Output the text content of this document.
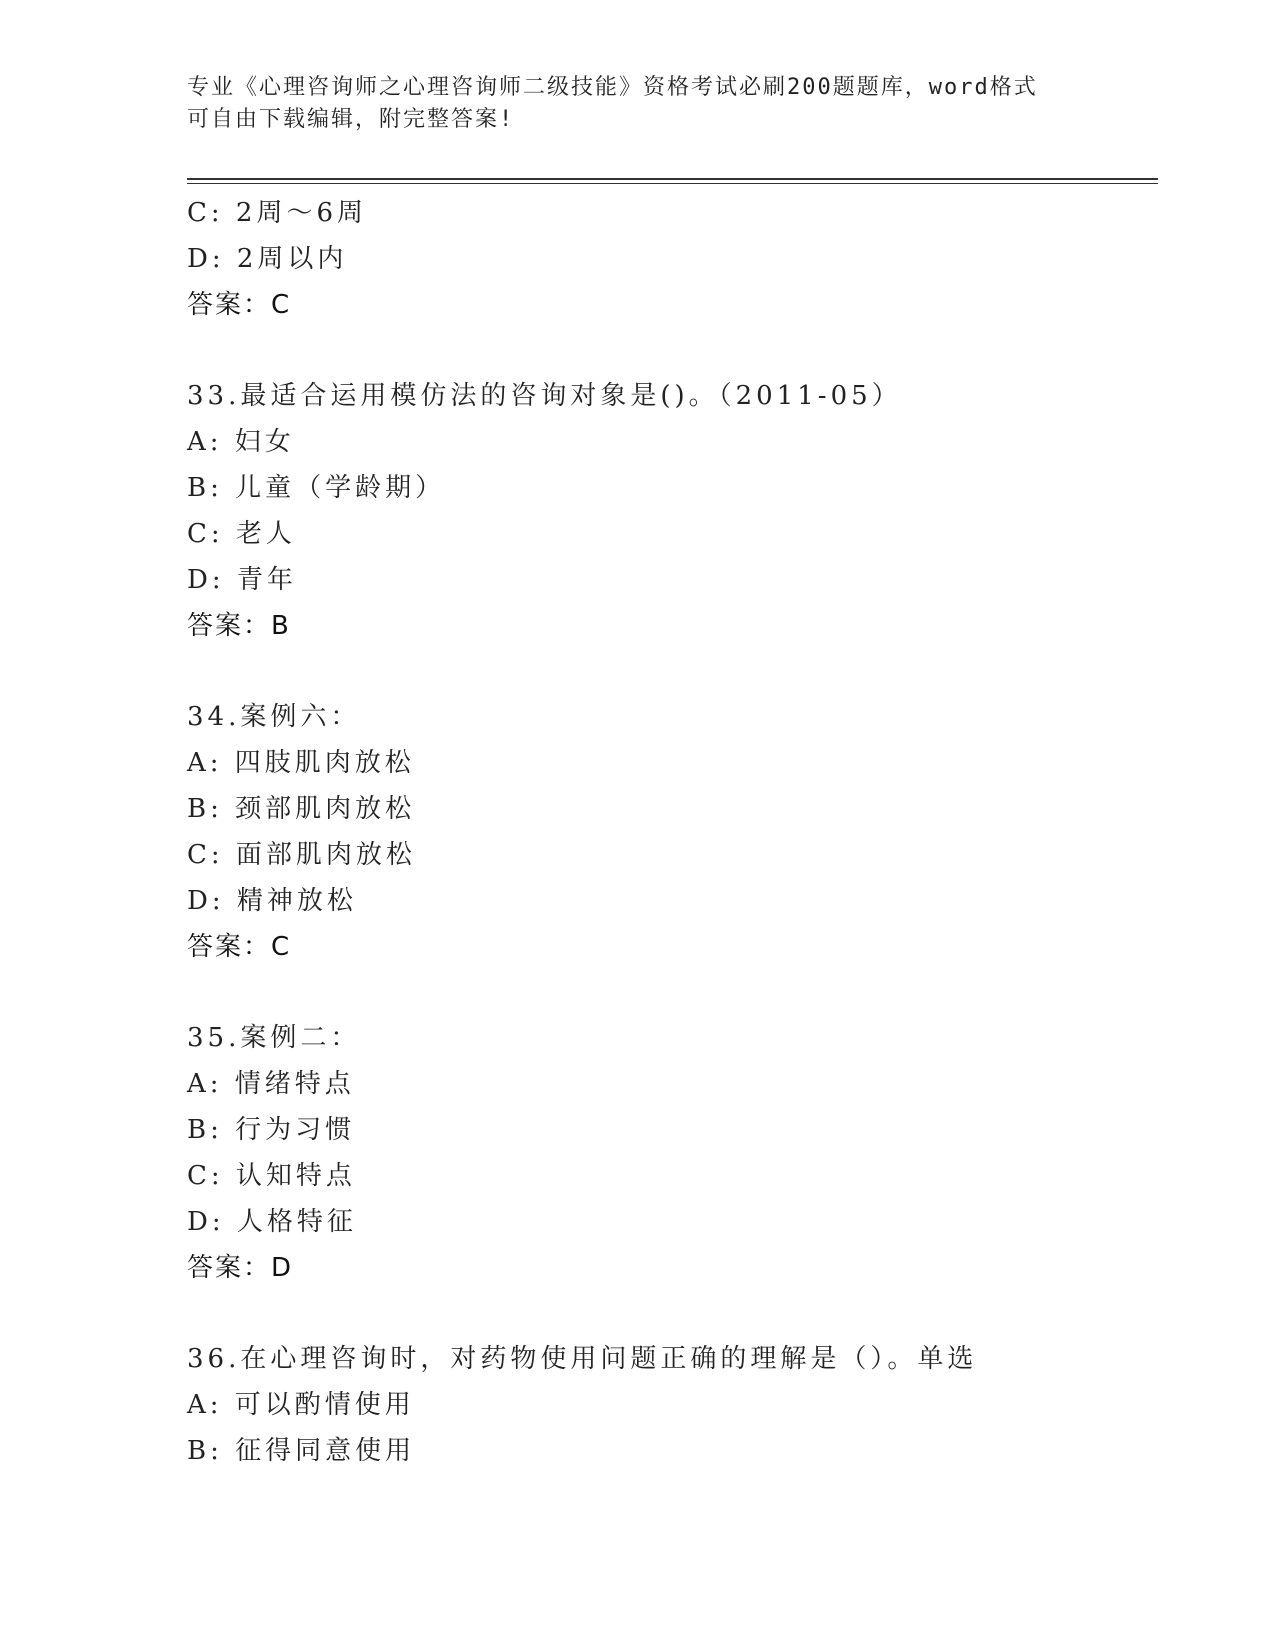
专业《心理咨询师之心理咨询师二级技能》资格考试必刷200题题库，word格式
可自由下载编辑，附完整答案!
C: 2周～6周
D: 2周以内
答案：C
33.最适合运用模仿法的咨询对象是()。（2011-05）
A: 妇女
B: 儿童（学龄期）
C: 老人
D: 青年
答案：B
34.案例六：
A: 四肢肌肉放松
B: 颈部肌肉放松
C: 面部肌肉放松
D: 精神放松
答案：C
35.案例二：
A: 情绪特点
B: 行为习惯
C: 认知特点
D: 人格特征
答案：D
36.在心理咨询时，对药物使用问题正确的理解是（）。单选
A: 可以酌情使用
B: 征得同意使用
